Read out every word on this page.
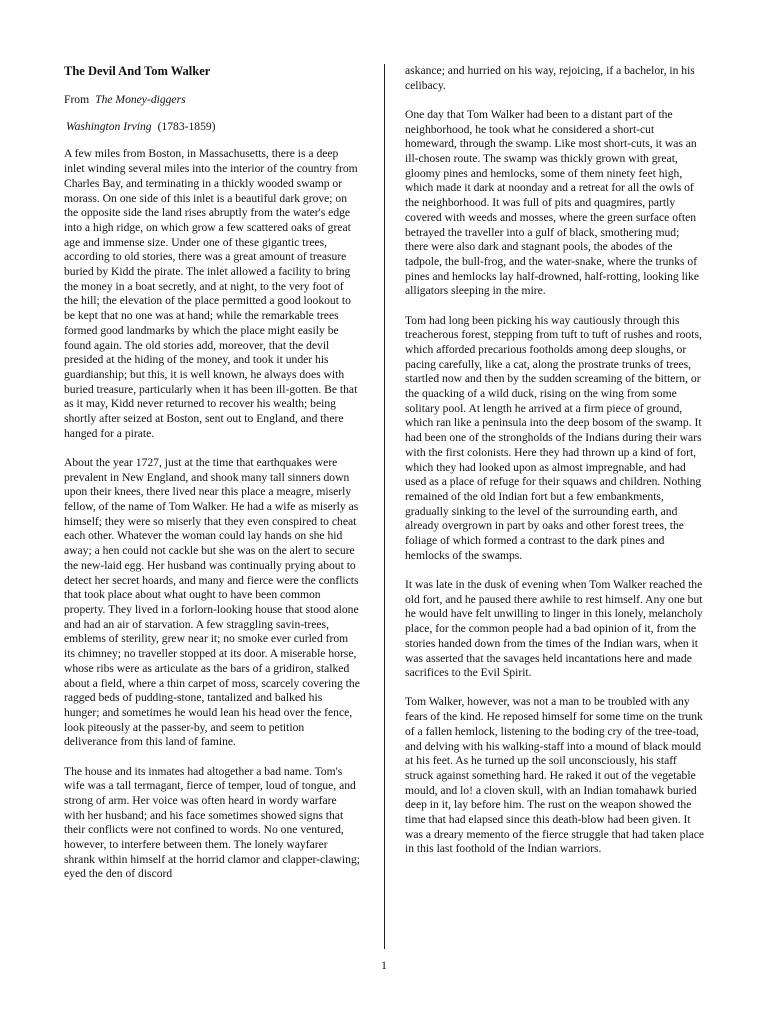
The Devil And Tom Walker
From The Money-diggers
Washington Irving (1783-1859)

A few miles from Boston, in Massachusetts, there is a deep inlet winding several miles into the interior of the country from Charles Bay, and terminating in a thickly wooded swamp or morass. On one side of this inlet is a beautiful dark grove; on the opposite side the land rises abruptly from the water's edge into a high ridge, on which grow a few scattered oaks of great age and immense size. Under one of these gigantic trees, according to old stories, there was a great amount of treasure buried by Kidd the pirate. The inlet allowed a facility to bring the money in a boat secretly, and at night, to the very foot of the hill; the elevation of the place permitted a good lookout to be kept that no one was at hand; while the remarkable trees formed good landmarks by which the place might easily be found again. The old stories add, moreover, that the devil presided at the hiding of the money, and took it under his guardianship; but this, it is well known, he always does with buried treasure, particularly when it has been ill-gotten. Be that as it may, Kidd never returned to recover his wealth; being shortly after seized at Boston, sent out to England, and there hanged for a pirate.

About the year 1727, just at the time that earthquakes were prevalent in New England, and shook many tall sinners down upon their knees, there lived near this place a meagre, miserly fellow, of the name of Tom Walker. He had a wife as miserly as himself; they were so miserly that they even conspired to cheat each other. Whatever the woman could lay hands on she hid away; a hen could not cackle but she was on the alert to secure the new-laid egg. Her husband was continually prying about to detect her secret hoards, and many and fierce were the conflicts that took place about what ought to have been common property. They lived in a forlorn-looking house that stood alone and had an air of starvation. A few straggling savin-trees, emblems of sterility, grew near it; no smoke ever curled from its chimney; no traveller stopped at its door. A miserable horse, whose ribs were as articulate as the bars of a gridiron, stalked about a field, where a thin carpet of moss, scarcely covering the ragged beds of pudding-stone, tantalized and balked his hunger; and sometimes he would lean his head over the fence, look piteously at the passer-by, and seem to petition deliverance from this land of famine.

The house and its inmates had altogether a bad name. Tom's wife was a tall termagant, fierce of temper, loud of tongue, and strong of arm. Her voice was often heard in wordy warfare with her husband; and his face sometimes showed signs that their conflicts were not confined to words. No one ventured, however, to interfere between them. The lonely wayfarer shrank within himself at the horrid clamor and clapper-clawing; eyed the den of discord

askance; and hurried on his way, rejoicing, if a bachelor, in his celibacy.

One day that Tom Walker had been to a distant part of the neighborhood, he took what he considered a short-cut homeward, through the swamp. Like most short-cuts, it was an ill-chosen route. The swamp was thickly grown with great, gloomy pines and hemlocks, some of them ninety feet high, which made it dark at noonday and a retreat for all the owls of the neighborhood. It was full of pits and quagmires, partly covered with weeds and mosses, where the green surface often betrayed the traveller into a gulf of black, smothering mud; there were also dark and stagnant pools, the abodes of the tadpole, the bull-frog, and the water-snake, where the trunks of pines and hemlocks lay half-drowned, half-rotting, looking like alligators sleeping in the mire.

Tom had long been picking his way cautiously through this treacherous forest, stepping from tuft to tuft of rushes and roots, which afforded precarious footholds among deep sloughs, or pacing carefully, like a cat, along the prostrate trunks of trees, startled now and then by the sudden screaming of the bittern, or the quacking of a wild duck, rising on the wing from some solitary pool. At length he arrived at a firm piece of ground, which ran like a peninsula into the deep bosom of the swamp. It had been one of the strongholds of the Indians during their wars with the first colonists. Here they had thrown up a kind of fort, which they had looked upon as almost impregnable, and had used as a place of refuge for their squaws and children. Nothing remained of the old Indian fort but a few embankments, gradually sinking to the level of the surrounding earth, and already overgrown in part by oaks and other forest trees, the foliage of which formed a contrast to the dark pines and hemlocks of the swamps.

It was late in the dusk of evening when Tom Walker reached the old fort, and he paused there awhile to rest himself. Any one but he would have felt unwilling to linger in this lonely, melancholy place, for the common people had a bad opinion of it, from the stories handed down from the times of the Indian wars, when it was asserted that the savages held incantations here and made sacrifices to the Evil Spirit.

Tom Walker, however, was not a man to be troubled with any fears of the kind. He reposed himself for some time on the trunk of a fallen hemlock, listening to the boding cry of the tree-toad, and delving with his walking-staff into a mound of black mould at his feet. As he turned up the soil unconsciously, his staff struck against something hard. He raked it out of the vegetable mould, and lo! a cloven skull, with an Indian tomahawk buried deep in it, lay before him. The rust on the weapon showed the time that had elapsed since this death-blow had been given. It was a dreary memento of the fierce struggle that had taken place in this last foothold of the Indian warriors.

1
